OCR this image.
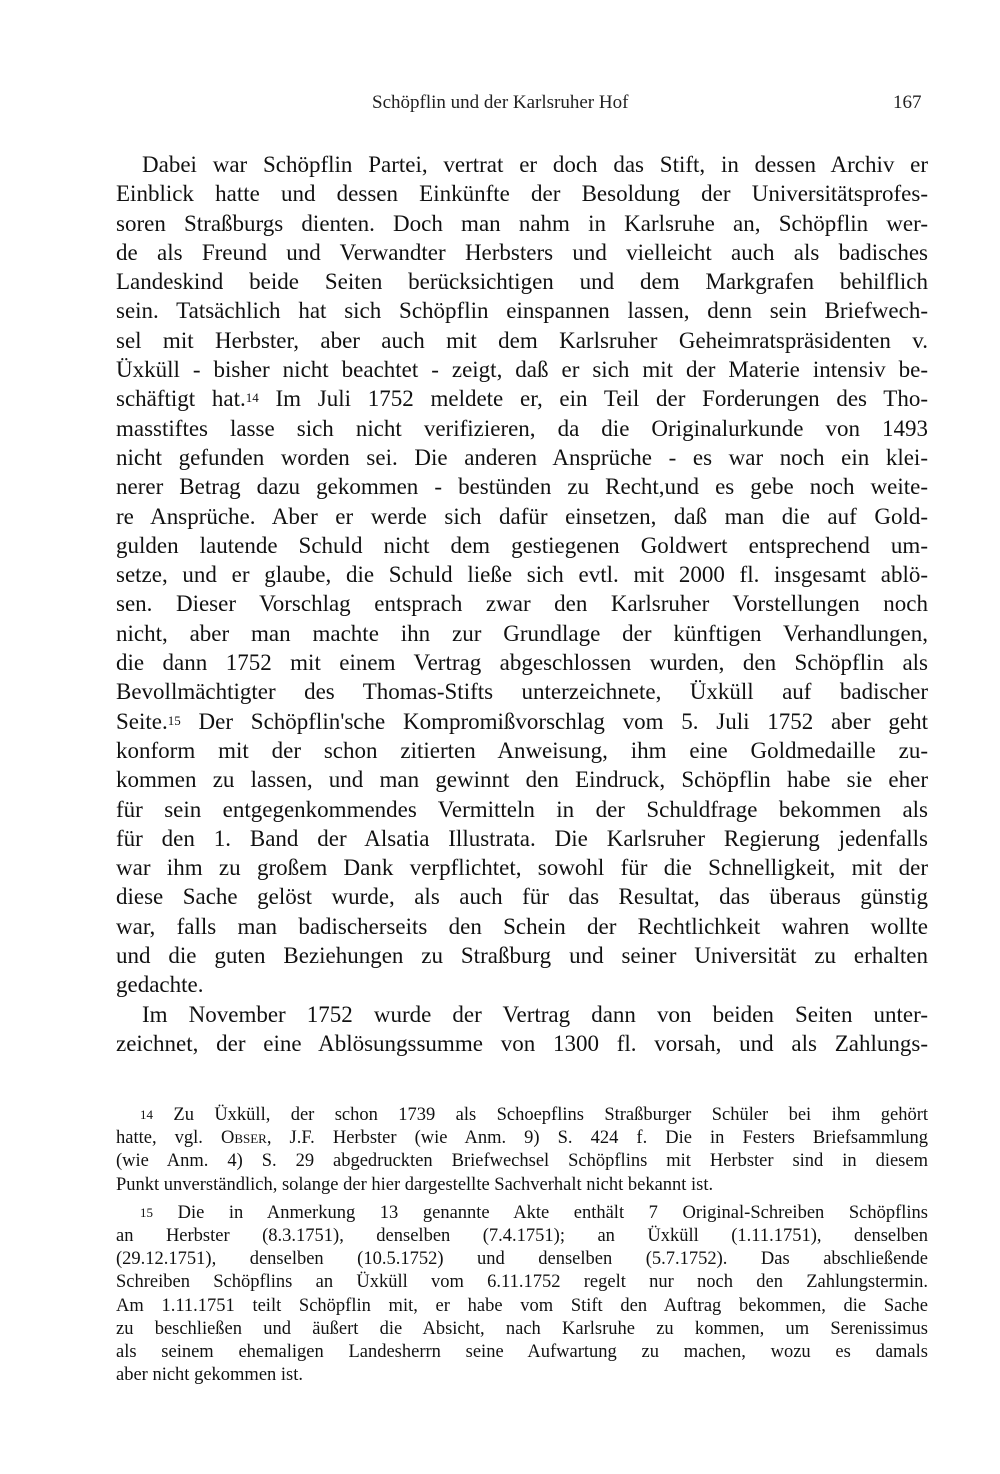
Schöpflin und der Karlsruher Hof	167
Dabei war Schöpflin Partei, vertrat er doch das Stift, in dessen Archiv er
Einblick hatte und dessen Einkünfte der Besoldung der Universitätsprofes-
soren Straßburgs dienten. Doch man nahm in Karlsruhe an, Schöpflin wer-
de als Freund und Verwandter Herbsters und vielleicht auch als badisches
Landeskind beide Seiten berücksichtigen und dem Markgrafen behilflich
sein. Tatsächlich hat sich Schöpflin einspannen lassen, denn sein Briefwech-
sel mit Herbster, aber auch mit dem Karlsruher Geheimratspräsidenten v.
Üxküll - bisher nicht beachtet - zeigt, daß er sich mit der Materie intensiv be-
schäftigt hat.$^{14}$ Im Juli 1752 meldete er, ein Teil der Forderungen des Tho-
masstiftes lasse sich nicht verifizieren, da die Originalurkunde von 1493
nicht gefunden worden sei. Die anderen Ansprüche - es war noch ein klei-
nerer Betrag dazu gekommen - bestünden zu Recht,und es gebe noch weite-
re Ansprüche. Aber er werde sich dafür einsetzen, daß man die auf Gold-
gulden lautende Schuld nicht dem gestiegenen Goldwert entsprechend um-
setze, und er glaube, die Schuld ließe sich evtl. mit 2000 fl. insgesamt ablö-
sen. Dieser Vorschlag entsprach zwar den Karlsruher Vorstellungen noch
nicht, aber man machte ihn zur Grundlage der künftigen Verhandlungen,
die dann 1752 mit einem Vertrag abgeschlossen wurden, den Schöpflin als
Bevollmächtigter des Thomas-Stifts unterzeichnete, Üxküll auf badischer
Seite.$^{15}$ Der Schöpflin'sche Kompromißvorschlag vom 5. Juli 1752 aber geht
konform mit der schon zitierten Anweisung, ihm eine Goldmedaille zu-
kommen zu lassen, und man gewinnt den Eindruck, Schöpflin habe sie eher
für sein entgegenkommendes Vermitteln in der Schuldfrage bekommen als
für den 1. Band der Alsatia Illustrata. Die Karlsruher Regierung jedenfalls
war ihm zu großem Dank verpflichtet, sowohl für die Schnelligkeit, mit der
diese Sache gelöst wurde, als auch für das Resultat, das überaus günstig
war, falls man badischerseits den Schein der Rechtlichkeit wahren wollte
und die guten Beziehungen zu Straßburg und seiner Universität zu erhalten
gedachte.
Im November 1752 wurde der Vertrag dann von beiden Seiten unter-
zeichnet, der eine Ablösungssumme von 1300 fl. vorsah, und als Zahlungs-
$^{14}$ Zu Üxküll, der schon 1739 als Schoepflins Straßburger Schüler bei ihm gehört
hatte, vgl. Obser, J.F. Herbster (wie Anm. 9) S. 424 f. Die in Festers Briefsammlung
(wie Anm. 4) S. 29 abgedruckten Briefwechsel Schöpflins mit Herbster sind in diesem
Punkt unverständlich, solange der hier dargestellte Sachverhalt nicht bekannt ist.
$^{15}$ Die in Anmerkung 13 genannte Akte enthält 7 Original-Schreiben Schöpflins
an Herbster (8.3.1751), denselben (7.4.1751); an Üxküll (1.11.1751), denselben
(29.12.1751), denselben (10.5.1752) und denselben (5.7.1752). Das abschließende
Schreiben Schöpflins an Üxküll vom 6.11.1752 regelt nur noch den Zahlungstermin.
Am 1.11.1751 teilt Schöpflin mit, er habe vom Stift den Auftrag bekommen, die Sache
zu beschließen und äußert die Absicht, nach Karlsruhe zu kommen, um Serenissimus
als seinem ehemaligen Landesherrn seine Aufwartung zu machen, wozu es damals
aber nicht gekommen ist.
